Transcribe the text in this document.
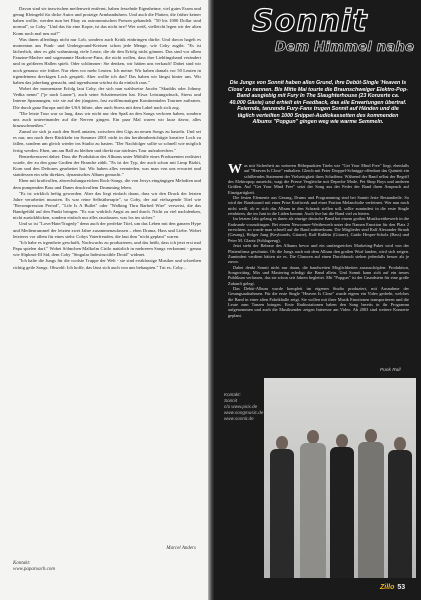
Davon sind sie inzwischen meilenweit entfernt, haben fesselnde Eigenheime, viel gutes Essen und genug Kleingeld für dicke Autos und protzige Armbanduhren. Und auch die Platten, die früher keiner haben wollte, werden nun bei Ebay zu astronomischen Preisen gehandelt. "50 bis 1000 Dollar sind normal", so Coby. "Und das für eine Kopie, ist das nicht irre? Wer weiß, vielleicht legen wir der alten Kram noch mal neu auf!"

Was ihnen allerdings nicht nur Lob, sondern auch Kritik einbringen dürfte. Und davon hagelt es momentan aus Punk- und Underground-Kreisen schon jede Menge, wie Coby zugibt. "Es ist lächerlich, aber es gibt wahnsinnig viele Leute, die dir den Erfolg nicht gönnen. Das sind vor allem Fanzine-Macher und sogenannte Hardcore-Fans, die nicht wollen, dass ihre Lieblingsband verändert und in größeren Hallen spielt. Oder schlimmer: Sie denken, wir hätten uns verkauft! Dabei sind wir noch genauso wie früher. Nur eben vor mehr Leuten. Ich meine: Wir haben damals vor 50 Leuten in irgendeinem dreckigen Loch gespielt. Aber wollte ich das? Das haben wir längst hinter uns. Wir haben das jahrelang gemacht, und irgendwann wächst du da einfach raus."

Wobei der momentane Erfolg laut Coby, der sich nun wahlweise Jacobs "Skuddis oder Johnny Vedka nennt" ("je nach Laune"), auch seine Schattenseiten hat. Etwa Leistungsdruck, Stress und Interne Spannungen, wie sie auf der jüngsten, fast zwölfmonatigen Kontinentalen Tournee auftraten. Die durch ganz Europa und die USA führte, aber auch Stress mit dem Label nach sich zog.

"Die letzte Tour war so lang, dass wir nicht nur den Spaß an den Songs verloren haben, sondern uns auch untereinander auf die Nerven gingen. Ein paar Mal waren wir kurz davor, alles hinzuschmeißen."

Zumal sie sich ja auch den Streß antaten, zwischen den Gigs an neuen Songs zu basteln. Und sei es nur, um nach ihrer Rückkehr im Sommer 2001 nicht in das berühmtberüchtigte kreative Loch zu fallen, sondern um gleich wieder ins Studio zu hasten. "Der Nachfolger sollte so schnell wie möglich fertig werden. Eben, um am Ball zu bleiben und direkt nur nächstes Tour aufzubrechen."

Bemerkenswert dabei: Dass die Produktion des Albums unter Mithilfe eines Produzenten realisiert wurde, der zu den ganz Großen der Branche zählt. "Es ist der Typ, der auch schon mit Limp Bizkit, Korn und den Deftones gearbeitet hat. Wir haben alles vermieden, was man von uns erwartet und stattdessen ein sehr direktes, dynamisches Album gemacht."

Eben mit kraftvollen, abwechslungsreichen Rock-Songs, die von Jerrys eingängigen Melodien und dem pumpenden Bass und Danes druckvollem Drumming leben.

"Es ist wirklich heftig geworden. Aber das liegt einfach daran, dass wir den Druck der letzten Jahre verarbeitet mussten. Es war reine Selbsttherapie", so Coby, der auf vielsagende Titel wie "Recompression Period", "Life Is A Bullet" oder "Walking Thru Barbed Wire" verweist, die das Bandgefühl auf den Punkt bringen. "Es war wirklich Angst zu und durch. Nicht zu viel nachdenken, nicht zurückblicken, sondern einfach nur alles rauslassen, was los ins sicher."

Und so ist "Love/Hate/Tragedy" denn auch der perfekte Titel, um das Leben mit den ganzen Hype und Medienrummel der letzten zwei Jahre zusammenzufassen – eben Drama, Hass und Liebe. Wobei letzteres vor allem für eines steht: Cobys Vaterfreuden, die laut ihm "nicht geplant" waren.

"Ich habe es irgendwie geschafft, Nachwuchs zu produzieren, und das heißt, dass ich jetzt erst mal Papa spielen darf." Wobei Söhnchen Malkolm Cirilo natürlich in mehreren Songs verkommt - genau wie Slipknot-Ill Sid, dem Coby "Singular Indestructible Droid" widmet.

"Ich halte die Jungs für die coolste Truppe der Welt - sie sind erstklassige Musiker und schreiben richtig geile Songs. Obwohl: Ich hoffe, das lässt sich auch von uns behaupten." Tut es, Coby...

Marcel Anders
Kontakt:
www.paparoach.com
Sonnit
Dem Himmel nahe
Die Jungs von Sonnit haben allen Grund, ihre Debüt-Single 'Heaven Is Close' zu nennen. Bis Mitte Mai tourte die Braunschweiger Elektro-Pop-Band ausgiebig mit Fury In The Slaughterhouse (23 Konzerte ca. 40.000 Gäste) und erhielt ein Feedback, das alle Erwartungen übertraf. Feiernde, tanzende Fury-Fans trugen Sonnit auf Händen und die täglich verteilten 1000 Snippet-Audiokassetten des kommenden Albums "Popgun" gingen weg wie warme Semmeln.

Was mit Sicherheit an weiteren Höhepunkten Titeln wie "Get Your Mind Free" liegt, ebenfalls auf "Heaven Is Close" enthalten. Gleich mit Peter Droppel-Schnigge offenbart das Quintett ein schillerndes Statement der Vielseitigkeit ihres Schaffens: Während der Band selbst der Begriff des Elektropop ausreicht, wagt die Presse Vergleiche mit Depeche Mode, Pet Shop Boys und anderen Größen. Auf "Get Your Mind Free" setzt der Song aus der Feder der Band ihren Anspruch auf Einzigartigkeit.

Die festen Elemente aus Gesang, Drums und Programming sind bei Sonnit feste Bestandteile. So wird der Bandsound mit einer Prise Kraftwerk und einer Portion Melancholie verfeinert. Wer nun noch nicht weiß, ob er sich das Album in den Schrank stellen soll, sollte zumindest in die erste Single reinhören, die im Juni in die Läden kommt. Auch live hat die Band viel zu bieten.

Im letzten Jahr gelang es ihnen als einzige deutsche Band bei einem großen Musikwettbewerb in die Endrunde vorzudringen. Bei einem Newcomer-Wettbewerb unter den Namen Emotion für den Platz 2 erreichten, so wurde man schnell auf die Band aufmerksam. Die Mitglieder sind Ralf Alexander Straub (Gesang), Holger Jung (Keyboards, Gitarre), Ralf Raßlein (Gitarre), Guido Hesper-Scholz (Bass) und Peter M. Glantz (Schlagzeug).

Jetzt steht der Release des Albums bevor und ein umfangreiches Marketing-Paket wird von der Plattenfirma geschnürt. Ob die Jungs auch mit dem Album den großen Wurf landen, wird sich zeigen. Zumindest verdient hätten sie es. Die Chancen auf einen Durchbruch stehen jedenfalls besser als je zuvor.

Dabei denkt Sonnit nicht nur daran, die bandweiten Möglichkeiten auszuschöpfen: Produktion, Songwriting, Mix und Mastering erledigt die Band allein. Und Sonnit kann sich auf ein treues Publikum verlassen, das sie schon seit Jahren begleitet. Mit "Popgun" ist der Grundstein für eine große Zukunft gelegt.

Das Debüt-Album wurde komplett im eigenen Studio produziert, mit Ausnahme der Gesangsaufnahmen. Für die erste Single "Heaven Is Close" wurde eigens ein Video gedreht, welches die Band in einer alten Fabrikhalle zeigt. Sie wollen mit ihrer Musik Emotionen transportieren und die Leute zum Tanzen bringen. Erste Radiostationen haben den Song bereits in ihr Programm aufgenommen und auch die Musiksender zeigen Interesse am Video. Ab 2003 sind weitere Konzerte geplant.

Punk Rall
Kontakt:
Sonnit
c/o www.pirix.de
www.songmusic.de
www.sonnit.de
Zillo 53
